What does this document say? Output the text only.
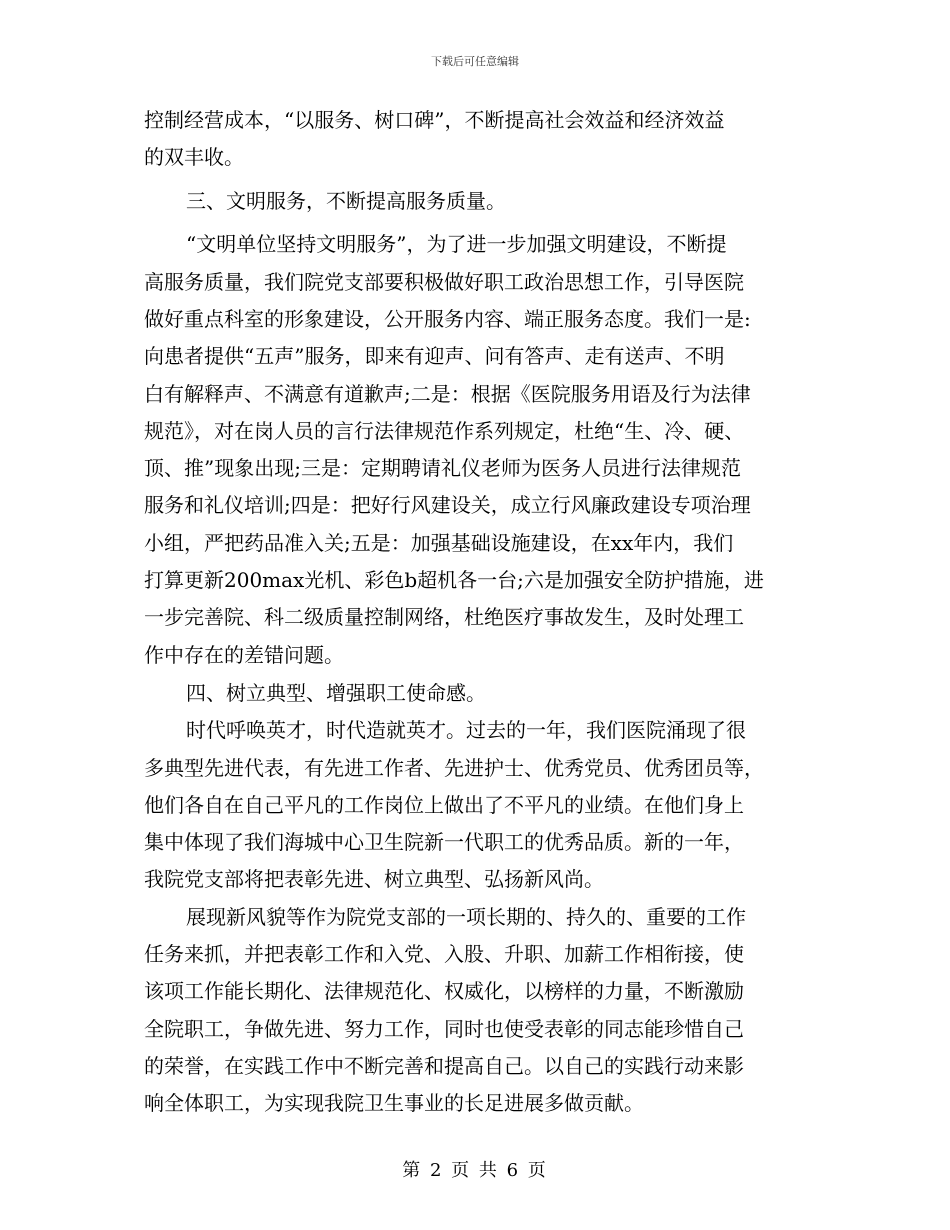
下载后可任意编辑
控制经营成本，“以服务、树口碑”，不断提高社会效益和经济效益
的双丰收。
三、文明服务，不断提高服务质量。
“文明单位坚持文明服务”，为了进一步加强文明建设，不断提
高服务质量，我们院党支部要积极做好职工政治思想工作，引导医院
做好重点科室的形象建设，公开服务内容、端正服务态度。我们一是:
向患者提供“五声”服务，即来有迎声、问有答声、走有送声、不明
白有解释声、不满意有道歉声;二是：根据《医院服务用语及行为法律
规范》，对在岗人员的言行法律规范作系列规定，杜绝“生、冷、硬、
顶、推”现象出现;三是：定期聘请礼仪老师为医务人员进行法律规范
服务和礼仪培训;四是：把好行风建设关，成立行风廉政建设专项治理
小组，严把药品准入关;五是：加强基础设施建设，在xx年内，我们
打算更新200max光机、彩色b超机各一台;六是加强安全防护措施，进
一步完善院、科二级质量控制网络，杜绝医疗事故发生，及时处理工
作中存在的差错问题。
四、树立典型、增强职工使命感。
时代呼唤英才，时代造就英才。过去的一年，我们医院涌现了很
多典型先进代表，有先进工作者、先进护士、优秀党员、优秀团员等，
他们各自在自己平凡的工作岗位上做出了不平凡的业绩。在他们身上
集中体现了我们海城中心卫生院新一代职工的优秀品质。新的一年，
我院党支部将把表彰先进、树立典型、弘扬新风尚。
展现新风貌等作为院党支部的一项长期的、持久的、重要的工作
任务来抓，并把表彰工作和入党、入股、升职、加薪工作相衔接，使
该项工作能长期化、法律规范化、权威化，以榜样的力量，不断激励
全院职工，争做先进、努力工作，同时也使受表彰的同志能珍惜自己
的荣誉，在实践工作中不断完善和提高自己。以自己的实践行动来影
响全体职工，为实现我院卫生事业的长足进展多做贡献。
第 2 页 共 6 页
